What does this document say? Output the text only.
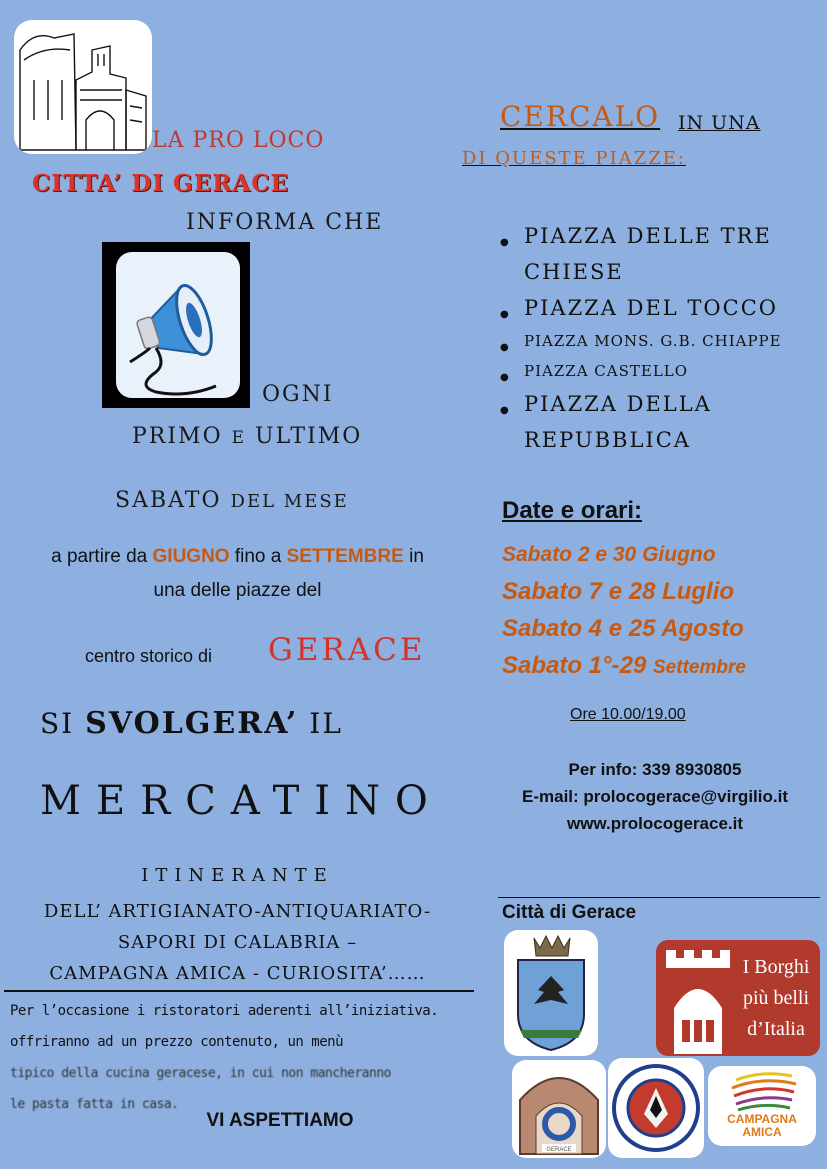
LA PRO LOCO
CITTA’ DI GERACE
INFORMA CHE
OGNI
PRIMO E ULTIMO
SABATO DEL MESE
a partire da GIUGNO fino a SETTEMBRE in
una delle piazze del
centro storico di GERACE
SI SVOLGERA’ IL
MERCATINO
ITINERANTE
DELL’ ARTIGIANATO-ANTIQUARIATO-
SAPORI DI CALABRIA –
CAMPAGNA AMICA - CURIOSITA’……
Per l’occasione i ristoratori aderenti all’iniziativa.
offriranno ad un prezzo contenuto, un menù
tipico della cucina geracese, in cui non mancheranno
le pasta fatta in casa.
VI ASPETTIAMO
CERCALO IN UNA
DI QUESTE PIAZZE:
● PIAZZA DELLE TRE CHIESE
● PIAZZA DEL TOCCO
● PIAZZA MONS. G.B. CHIAPPE
● PIAZZA CASTELLO
● PIAZZA DELLA REPUBBLICA
Date e orari:
Sabato 2 e 30 Giugno
Sabato 7 e 28 Luglio
Sabato 4 e 25 Agosto
Sabato 1°-29 Settembre
Ore 10.00/19.00
Per info: 339 8930805
E-mail: prolocogerace@virgilio.it
www.prolocogerace.it
Città di Gerace
I Borghi più belli d’Italia
GERACE
CAMPAGNA AMICA
